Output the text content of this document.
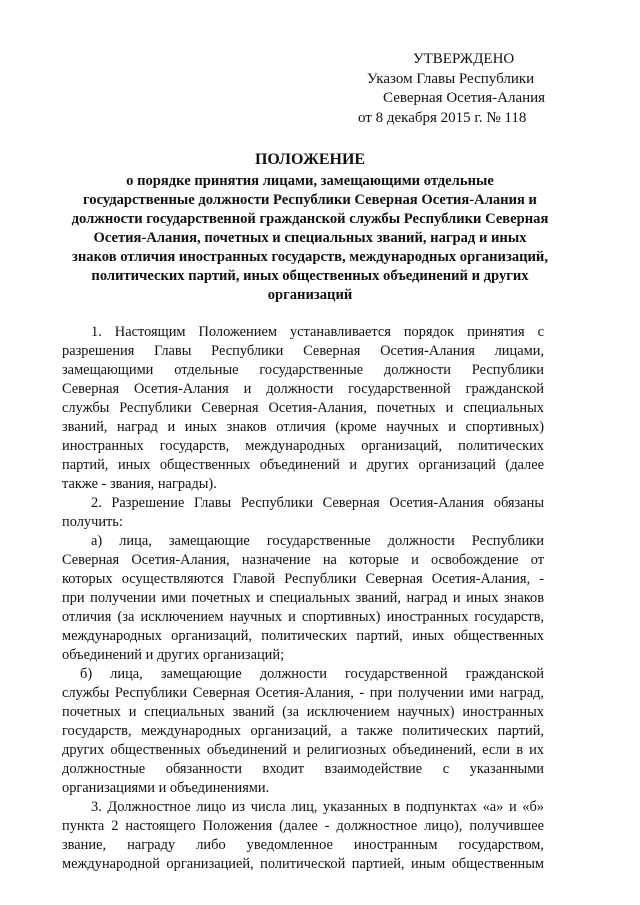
УТВЕРЖДЕНО
Указом Главы Республики
Северная Осетия-Алания
от 8 декабря 2015 г. № 118
ПОЛОЖЕНИЕ
о порядке принятия лицами, замещающими отдельные
государственные должности Республики Северная Осетия-Алания и
должности государственной гражданской службы Республики Северная
Осетия-Алания, почетных и специальных званий, наград и иных
знаков отличия иностранных государств, международных организаций,
политических партий, иных общественных объединений и других
организаций
1. Настоящим Положением устанавливается порядок принятия с
разрешения Главы Республики Северная Осетия-Алания лицами,
замещающими отдельные государственные должности Республики
Северная Осетия-Алания и должности государственной гражданской
службы Республики Северная Осетия-Алания, почетных и специальных
званий, наград и иных знаков отличия (кроме научных и спортивных)
иностранных государств, международных организаций, политических
партий, иных общественных объединений и других организаций (далее
также - звания, награды).
2. Разрешение Главы Республики Северная Осетия-Алания обязаны
получить:
а) лица, замещающие государственные должности Республики
Северная Осетия-Алания, назначение на которые и освобождение от
которых осуществляются Главой Республики Северная Осетия-Алания, -
при получении ими почетных и специальных званий, наград и иных знаков
отличия (за исключением научных и спортивных) иностранных государств,
международных организаций, политических партий, иных общественных
объединений и других организаций;
б) лица, замещающие должности государственной гражданской
службы Республики Северная Осетия-Алания, - при получении ими наград,
почетных и специальных званий (за исключением научных) иностранных
государств, международных организаций, а также политических партий,
других общественных объединений и религиозных объединений, если в их
должностные обязанности входит взаимодействие с указанными
организациями и объединениями.
3. Должностное лицо из числа лиц, указанных в подпунктах «а» и «б»
пункта 2 настоящего Положения (далее - должностное лицо), получившее
звание, награду либо уведомленное иностранным государством,
международной организацией, политической партией, иным общественным
